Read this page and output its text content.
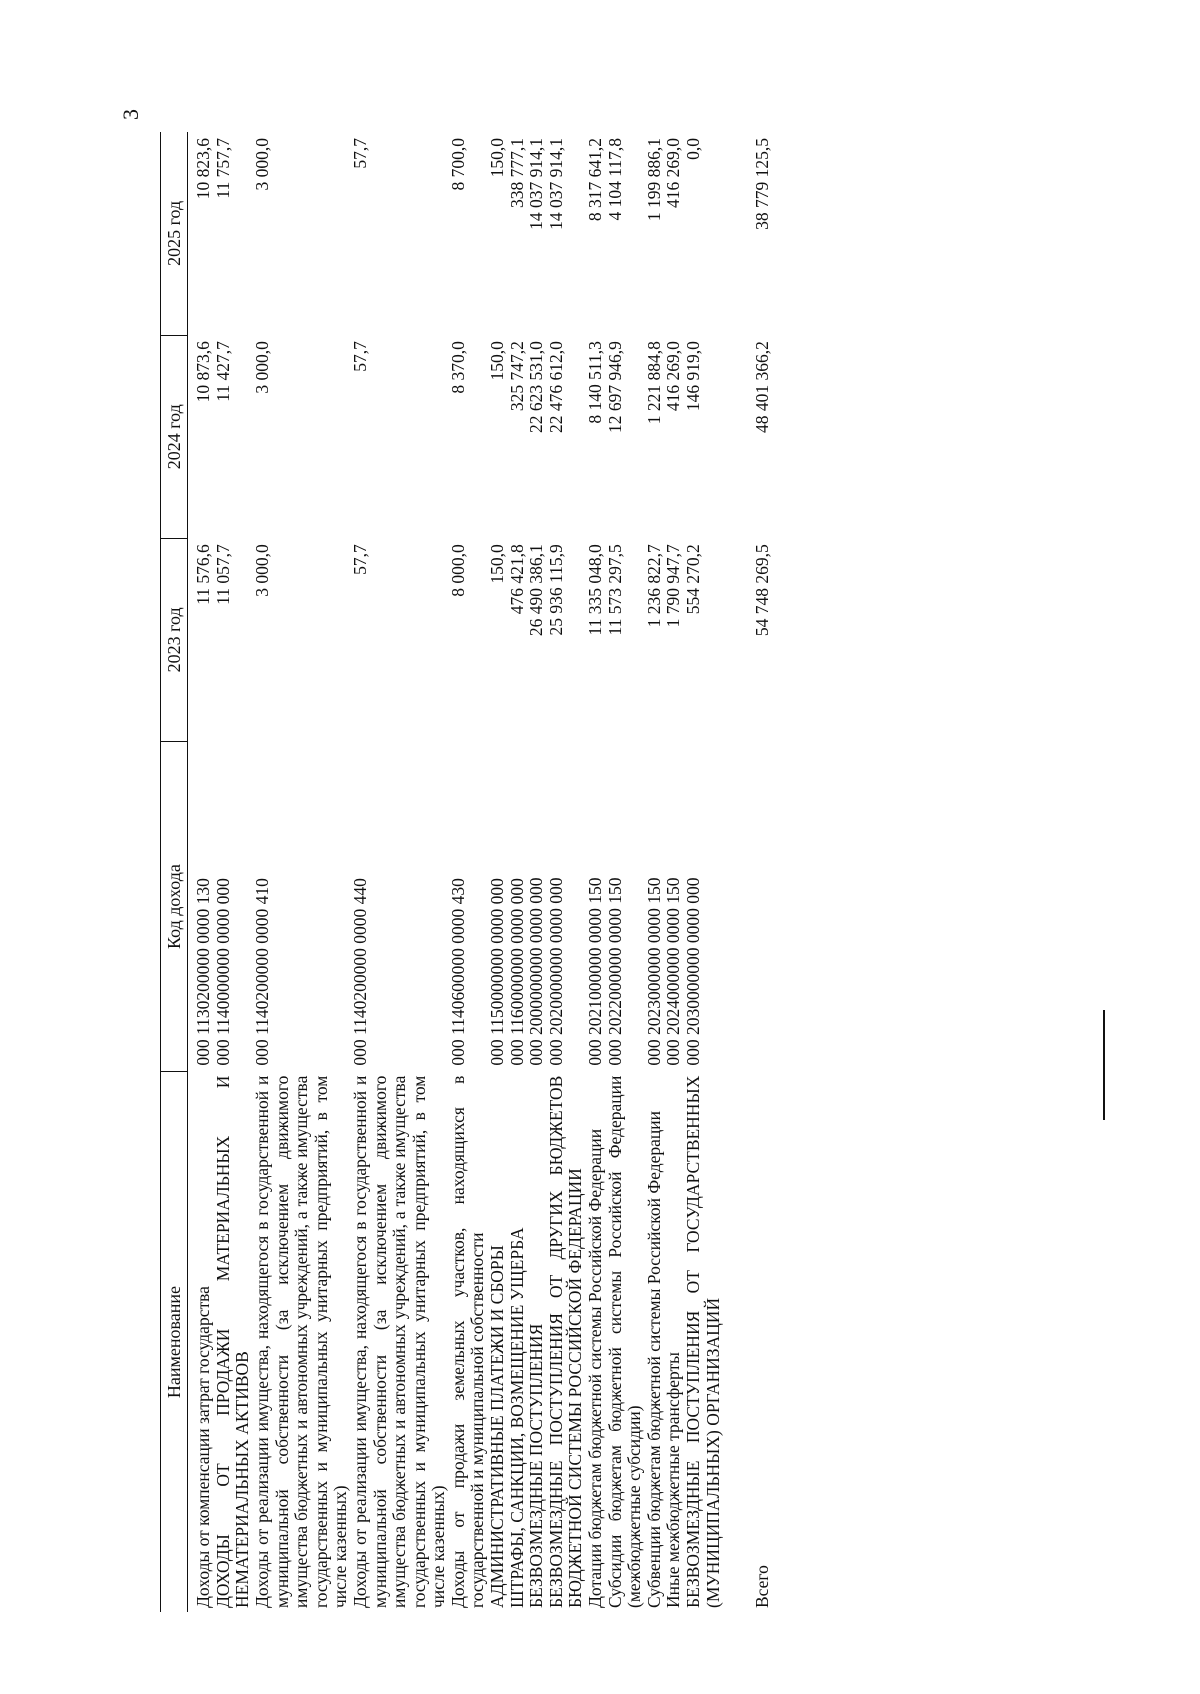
3
Наименование	Код дохода	2023 год	2024 год	2025 год
Доходы от компенсации затрат государства	000 1130200000 0000 130	11 576,6	10 873,6	10 823,6
ДОХОДЫ ОТ ПРОДАЖИ МАТЕРИАЛЬНЫХ И НЕМАТЕРИАЛЬНЫХ АКТИВОВ	000 1140000000 0000 000	11 057,7	11 427,7	11 757,7
Доходы от реализации имущества, находящегося в государственной и муниципальной собственности (за исключением движимого имущества бюджетных и автономных учреждений, а также имущества государственных и муниципальных унитарных предприятий, в том числе казенных)	000 1140200000 0000 410	3 000,0	3 000,0	3 000,0
Доходы от реализации имущества, находящегося в государственной и муниципальной собственности (за исключением движимого имущества бюджетных и автономных учреждений, а также имущества государственных и муниципальных унитарных предприятий, в том числе казенных)	000 1140200000 0000 440	57,7	57,7	57,7
Доходы от продажи земельных участков, находящихся в государственной и муниципальной собственности	000 1140600000 0000 430	8 000,0	8 370,0	8 700,0
АДМИНИСТРАТИВНЫЕ ПЛАТЕЖИ И СБОРЫ	000 1150000000 0000 000	150,0	150,0	150,0
ШТРАФЫ, САНКЦИИ, ВОЗМЕЩЕНИЕ УЩЕРБА	000 1160000000 0000 000	476 421,8	325 747,2	338 777,1
БЕЗВОЗМЕЗДНЫЕ ПОСТУПЛЕНИЯ	000 2000000000 0000 000	26 490 386,1	22 623 531,0	14 037 914,1
БЕЗВОЗМЕЗДНЫЕ ПОСТУПЛЕНИЯ ОТ ДРУГИХ БЮДЖЕТОВ БЮДЖЕТНОЙ СИСТЕМЫ РОССИЙСКОЙ ФЕДЕРАЦИИ	000 2020000000 0000 000	25 936 115,9	22 476 612,0	14 037 914,1
Дотации бюджетам бюджетной системы Российской Федерации	000 2021000000 0000 150	11 335 048,0	8 140 511,3	8 317 641,2
Субсидии бюджетам бюджетной системы Российской Федерации (межбюджетные субсидии)	000 2022000000 0000 150	11 573 297,5	12 697 946,9	4 104 117,8
Субвенции бюджетам бюджетной системы Российской Федерации	000 2023000000 0000 150	1 236 822,7	1 221 884,8	1 199 886,1
Иные межбюджетные трансферты	000 2024000000 0000 150	1 790 947,7	416 269,0	416 269,0
БЕЗВОЗМЕЗДНЫЕ ПОСТУПЛЕНИЯ ОТ ГОСУДАРСТВЕННЫХ (МУНИЦИПАЛЬНЫХ) ОРГАНИЗАЦИЙ	000 2030000000 0000 000	554 270,2	146 919,0	0,0
Всего		54 748 269,5	48 401 366,2	38 779 125,5
